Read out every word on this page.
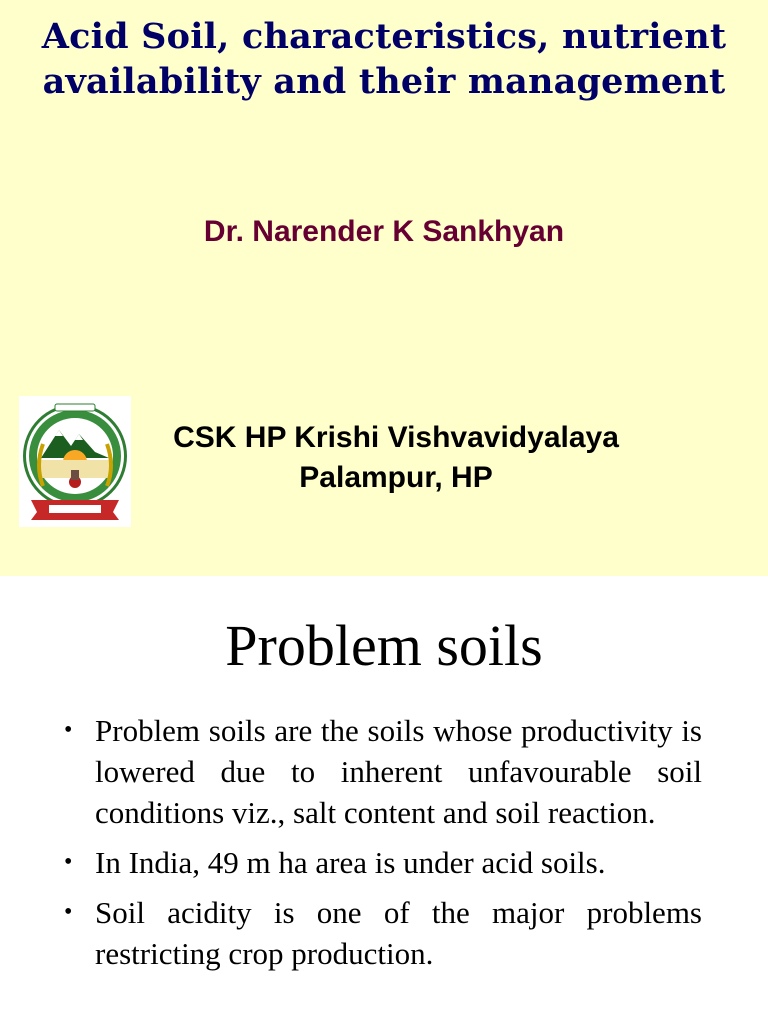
Acid Soil, characteristics, nutrient
availability and their management
Dr. Narender K Sankhyan
CSK HP Krishi Vishvavidyalaya
Palampur, HP
Problem soils
• Problem soils are the soils whose productivity is lowered due to inherent unfavourable soil conditions viz., salt content and soil reaction.
• In India, 49 m ha area is under acid soils.
• Soil acidity is one of the major problems restricting crop production.
